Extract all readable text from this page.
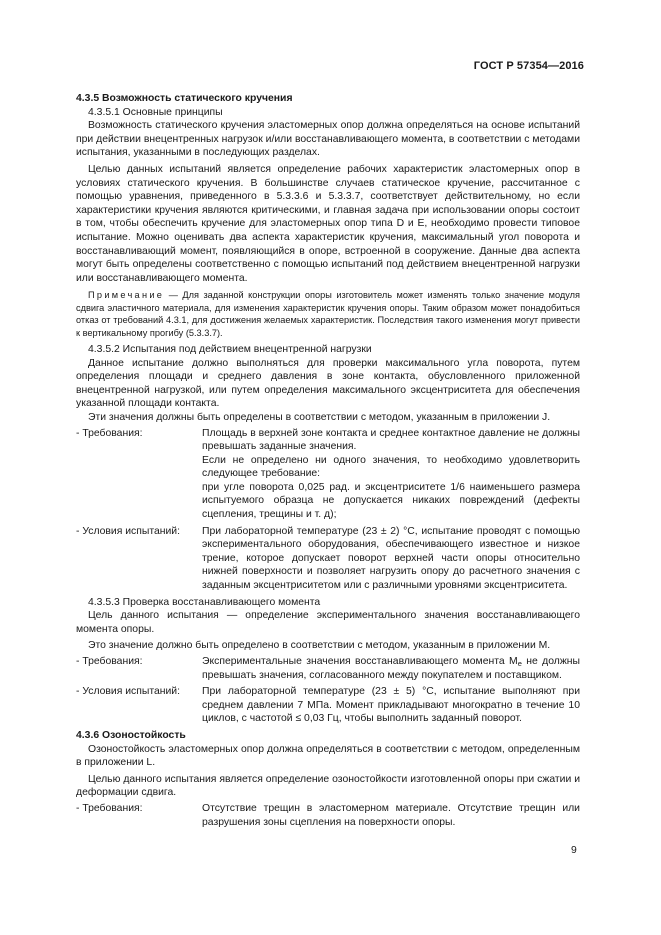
ГОСТ Р 57354—2016

4.3.5 Возможность статического кручения

4.3.5.1 Основные принципы

Возможность статического кручения эластомерных опор должна определяться на основе испытаний при действии внецентренных нагрузок и/или восстанавливающего момента, в соответствии с методами испытания, указанными в последующих разделах.

Целью данных испытаний является определение рабочих характеристик эластомерных опор в условиях статического кручения. В большинстве случаев статическое кручение, рассчитанное с помощью уравнения, приведенного в 5.3.3.6 и 5.3.3.7, соответствует действительному, но если характеристики кручения являются критическими, и главная задача при использовании опоры состоит в том, чтобы обеспечить кручение для эластомерных опор типа D и E, необходимо провести типовое испытание. Можно оценивать два аспекта характеристик кручения, максимальный угол поворота и восстанавливающий момент, появляющийся в опоре, встроенной в сооружение. Данные два аспекта могут быть определены соответственно с помощью испытаний под действием внецентренной нагрузки или восстанавливающего момента.

Примечание — Для заданной конструкции опоры изготовитель может изменять только значение модуля сдвига эластичного материала, для изменения характеристик кручения опоры. Таким образом может понадобиться отказ от требований 4.3.1, для достижения желаемых характеристик. Последствия такого изменения могут привести к вертикальному прогибу (5.3.3.7).

4.3.5.2 Испытания под действием внецентренной нагрузки

Данное испытание должно выполняться для проверки максимального угла поворота, путем определения площади и среднего давления в зоне контакта, обусловленного приложенной внецентренной нагрузкой, или путем определения максимального эксцентриситета для обеспечения указанной площади контакта.

Эти значения должны быть определены в соответствии с методом, указанным в приложении J.

- Требования:	Площадь в верхней зоне контакта и среднее контактное давление не должны превышать заданные значения.

Если не определено ни одного значения, то необходимо удовлетворить следующее требование:

при угле поворота 0,025 рад. и эксцентриситете 1/6 наименьшего размера испытуемого образца не допускается никаких повреждений (дефекты сцепления, трещины и т. д);

- Условия испытаний:	При лабораторной температуре (23 ± 2) °С, испытание проводят с помощью экспериментального оборудования, обеспечивающего известное и низкое трение, которое допускает поворот верхней части опоры относительно нижней поверхности и позволяет нагрузить опору до расчетного значения с заданным эксцентриситетом или с различными уровнями эксцентриситета.

4.3.5.3 Проверка восстанавливающего момента

Цель данного испытания — определение экспериментального значения восстанавливающего момента опоры.

Это значение должно быть определено в соответствии с методом, указанным в приложении M.

- Требования:	Экспериментальные значения восстанавливающего момента $M_e$ не должны превышать значения, согласованного между покупателем и поставщиком.

- Условия испытаний:	При лабораторной температуре (23 ± 5) °С, испытание выполняют при среднем давлении 7 МПа. Момент прикладывают многократно в течение 10 циклов, с частотой ≤ 0,03 Гц, чтобы выполнить заданный поворот.

4.3.6 Озоностойкость

Озоностойкость эластомерных опор должна определяться в соответствии с методом, определенным в приложении L.

Целью данного испытания является определение озоностойкости изготовленной опоры при сжатии и деформации сдвига.

- Требования:	Отсутствие трещин в эластомерном материале. Отсутствие трещин или разрушения зоны сцепления на поверхности опоры.

9
